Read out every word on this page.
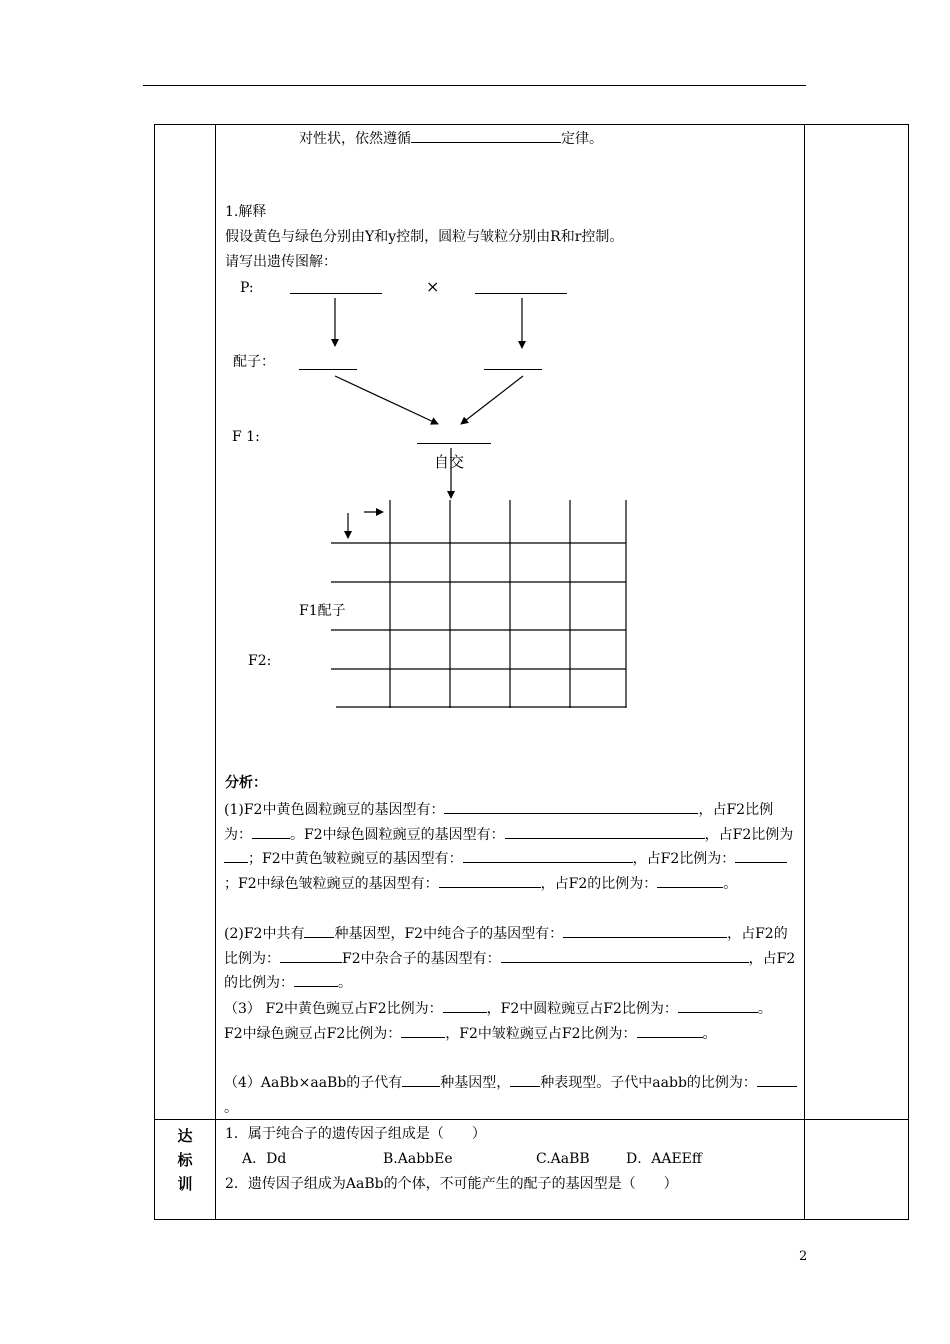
对性状，依然遵循	定律。
1.解释
假设黄色与绿色分别由Y和y控制，圆粒与皱粒分别由R和r控制。
请写出遗传图解：
P:	×
配子：
F 1:
自交
F1配子
F2:
分析：
(1)F2中黄色圆粒豌豆的基因型有：	，占F2比例为：	。F2中绿色圆粒豌豆的基因型有：	，占F2比例为；F2中黄色皱粒豌豆的基因型有：	，占F2比例为：；F2中绿色皱粒豌豆的基因型有：	，占F2的比例为：	。
(2)F2中共有 种基因型，F2中纯合子的基因型有：	，占F2的比例为：	F2中杂合子的基因型有：	，占F2的比例为：	。
（3） F2中黄色豌豆占F2比例为：	，F2中圆粒豌豆占F2比例为：	。
F2中绿色豌豆占F2比例为：	，F2中皱粒豌豆占F2比例为：	。
（4）AaBb×aaBb的子代有	种基因型， 种表现型。子代中aabb的比例为：。
达
标
训
1．属于纯合子的遗传因子组成是（　　）
A．Dd	B.AabbEe	C.AaBB	D．AAEEff
2．遗传因子组成为AaBb的个体，不可能产生的配子的基因型是（　　）
2
